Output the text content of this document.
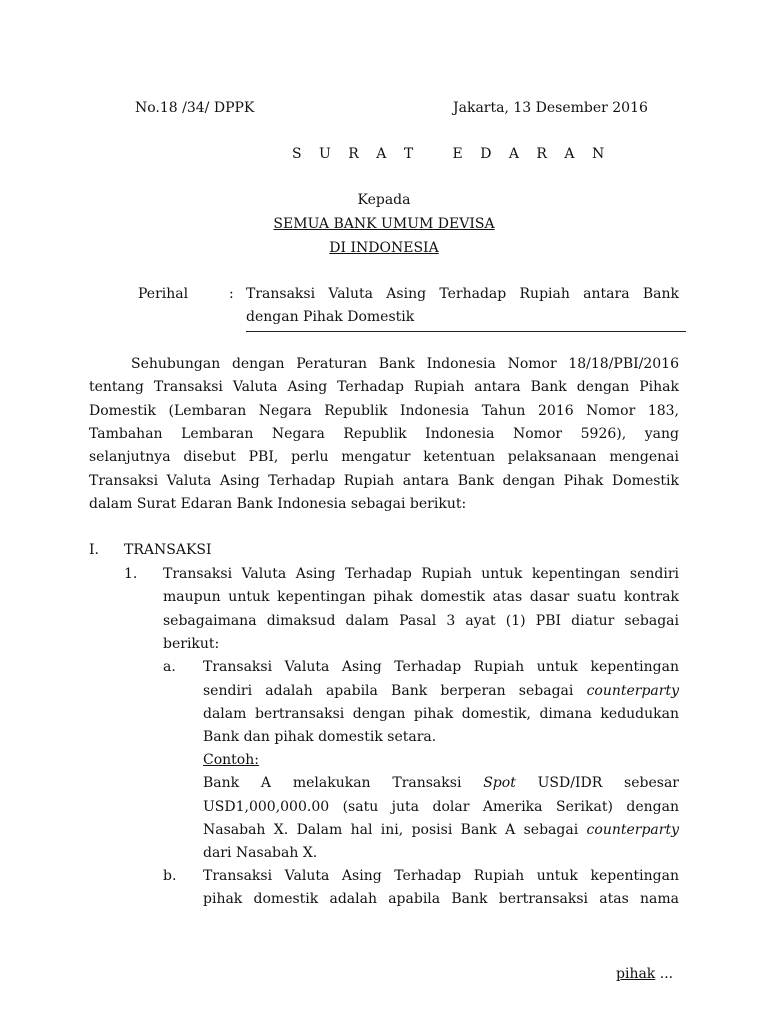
No.18 /34/ DPPK	Jakarta, 13 Desember 2016
S U R A T   E D A R A N
Kepada
SEMUA BANK UMUM DEVISA
DI INDONESIA
Perihal	: Transaksi Valuta Asing Terhadap Rupiah antara Bank
dengan Pihak Domestik
Sehubungan dengan Peraturan Bank Indonesia Nomor 18/18/PBI/2016
tentang Transaksi Valuta Asing Terhadap Rupiah antara Bank dengan Pihak
Domestik (Lembaran Negara Republik Indonesia Tahun 2016 Nomor 183,
Tambahan Lembaran Negara Republik Indonesia Nomor 5926), yang
selanjutnya disebut PBI, perlu mengatur ketentuan pelaksanaan mengenai
Transaksi Valuta Asing Terhadap Rupiah antara Bank dengan Pihak Domestik
dalam Surat Edaran Bank Indonesia sebagai berikut:
I. TRANSAKSI
1. Transaksi Valuta Asing Terhadap Rupiah untuk kepentingan sendiri
maupun untuk kepentingan pihak domestik atas dasar suatu kontrak
sebagaimana dimaksud dalam Pasal 3 ayat (1) PBI diatur sebagai
berikut:
a. Transaksi Valuta Asing Terhadap Rupiah untuk kepentingan
sendiri adalah apabila Bank berperan sebagai counterparty
dalam bertransaksi dengan pihak domestik, dimana kedudukan
Bank dan pihak domestik setara.
Contoh:
Bank A melakukan Transaksi Spot USD/IDR sebesar
USD1,000,000.00 (satu juta dolar Amerika Serikat) dengan
Nasabah X. Dalam hal ini, posisi Bank A sebagai counterparty
dari Nasabah X.
b. Transaksi Valuta Asing Terhadap Rupiah untuk kepentingan
pihak domestik adalah apabila Bank bertransaksi atas nama
pihak ...
